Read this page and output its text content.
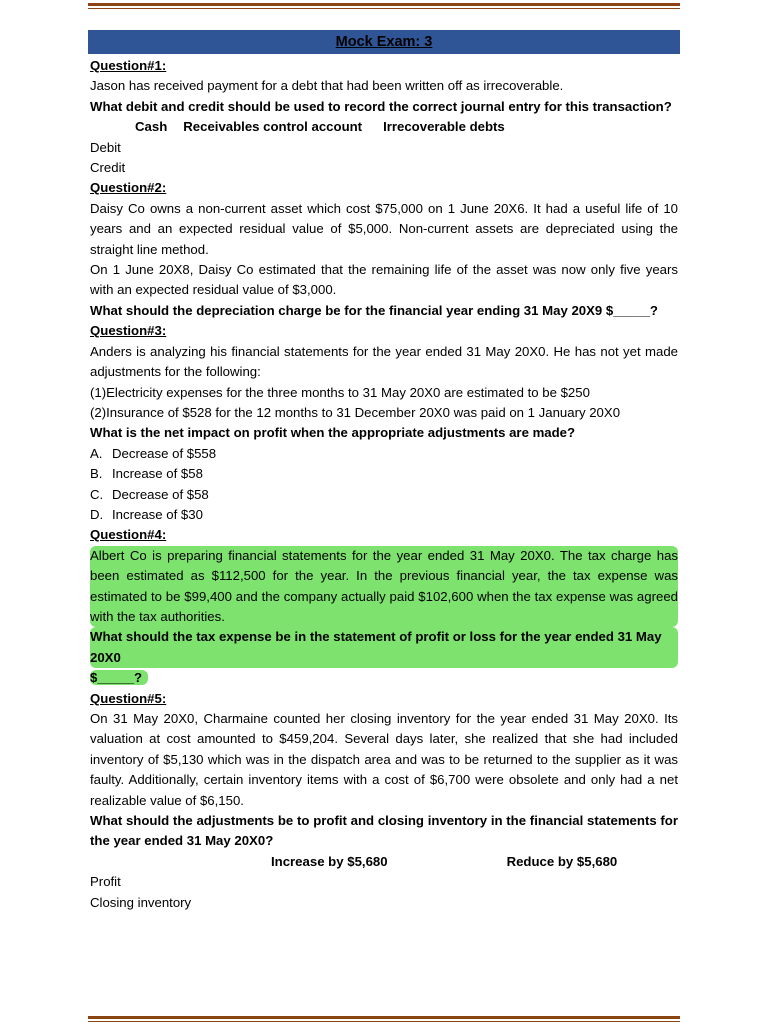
Mock Exam: 3

Question#1:

Jason has received payment for a debt that had been written off as irrecoverable.

What debit and credit should be used to record the correct journal entry for this transaction?

Cash Receivables control account Irrecoverable debts

Debit

Credit

Question#2:

Daisy Co owns a non-current asset which cost $75,000 on 1 June 20X6. It had a useful life of 10 years and an expected residual value of $5,000. Non-current assets are depreciated using the straight line method.

On 1 June 20X8, Daisy Co estimated that the remaining life of the asset was now only five years with an expected residual value of $3,000.

What should the depreciation charge be for the financial year ending 31 May 20X9 $_____?

Question#3:

Anders is analyzing his financial statements for the year ended 31 May 20X0. He has not yet made adjustments for the following:

(1)Electricity expenses for the three months to 31 May 20X0 are estimated to be $250

(2)Insurance of $528 for the 12 months to 31 December 20X0 was paid on 1 January 20X0

What is the net impact on profit when the appropriate adjustments are made?

A. Decrease of $558
B. Increase of $58
C. Decrease of $58
D. Increase of $30

Question#4:

Albert Co is preparing financial statements for the year ended 31 May 20X0. The tax charge has been estimated as $112,500 for the year. In the previous financial year, the tax expense was estimated to be $99,400 and the company actually paid $102,600 when the tax expense was agreed with the tax authorities.

What should the tax expense be in the statement of profit or loss for the year ended 31 May 20X0

$_____?

Question#5:

On 31 May 20X0, Charmaine counted her closing inventory for the year ended 31 May 20X0. Its valuation at cost amounted to $459,204. Several days later, she realized that she had included inventory of $5,130 which was in the dispatch area and was to be returned to the supplier as it was faulty. Additionally, certain inventory items with a cost of $6,700 were obsolete and only had a net realizable value of $6,150.

What should the adjustments be to profit and closing inventory in the financial statements for the year ended 31 May 20X0?

Increase by $5,680	Reduce by $5,680

Profit

Closing inventory
